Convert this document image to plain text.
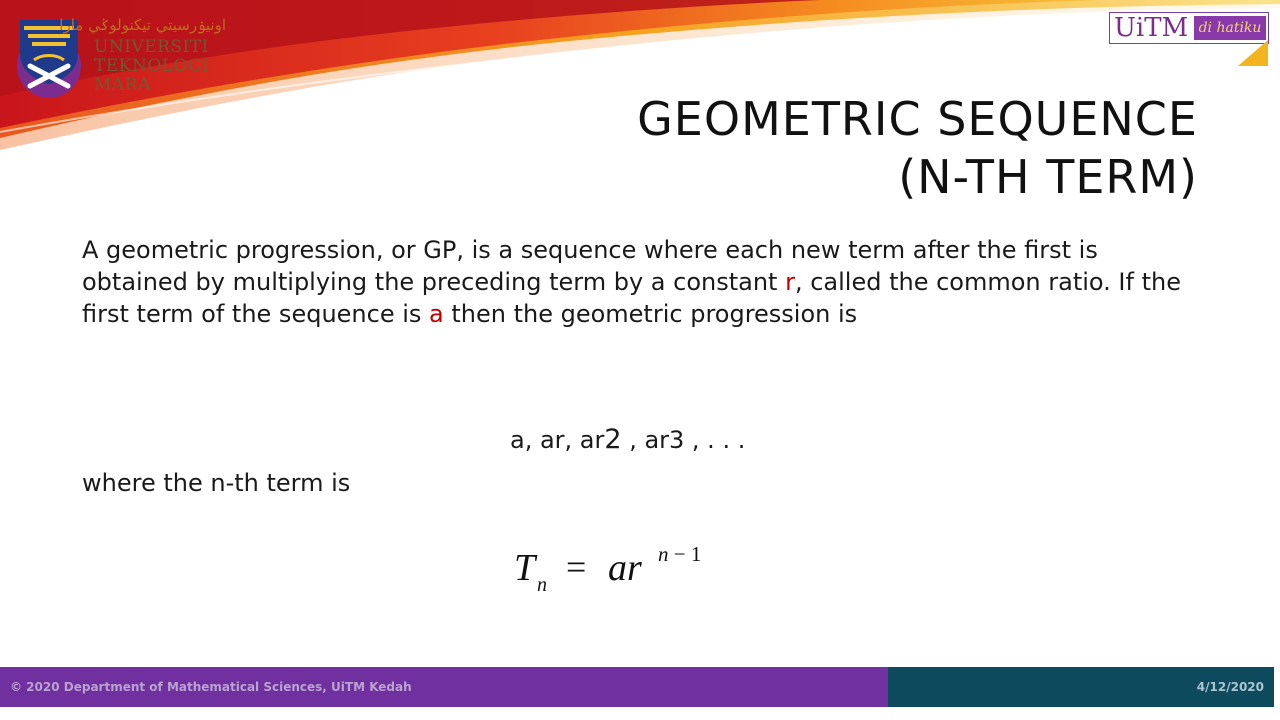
اونيۏرسيتي تيكنولوݢي مارا
UNIVERSITI
TEKNOLOGI
MARA
UiTM di hatiku
GEOMETRIC SEQUENCE
(N-TH TERM)
A geometric progression, or GP, is a sequence where each new term after the first is obtained by multiplying the preceding term by a constant r, called the common ratio. If the first term of the sequence is a then the geometric progression is
a, ar, ar2 , ar3 , . . .
where the n-th term is
T n = ar n − 1
© 2020 Department of Mathematical Sciences, UiTM Kedah	4/12/2020
